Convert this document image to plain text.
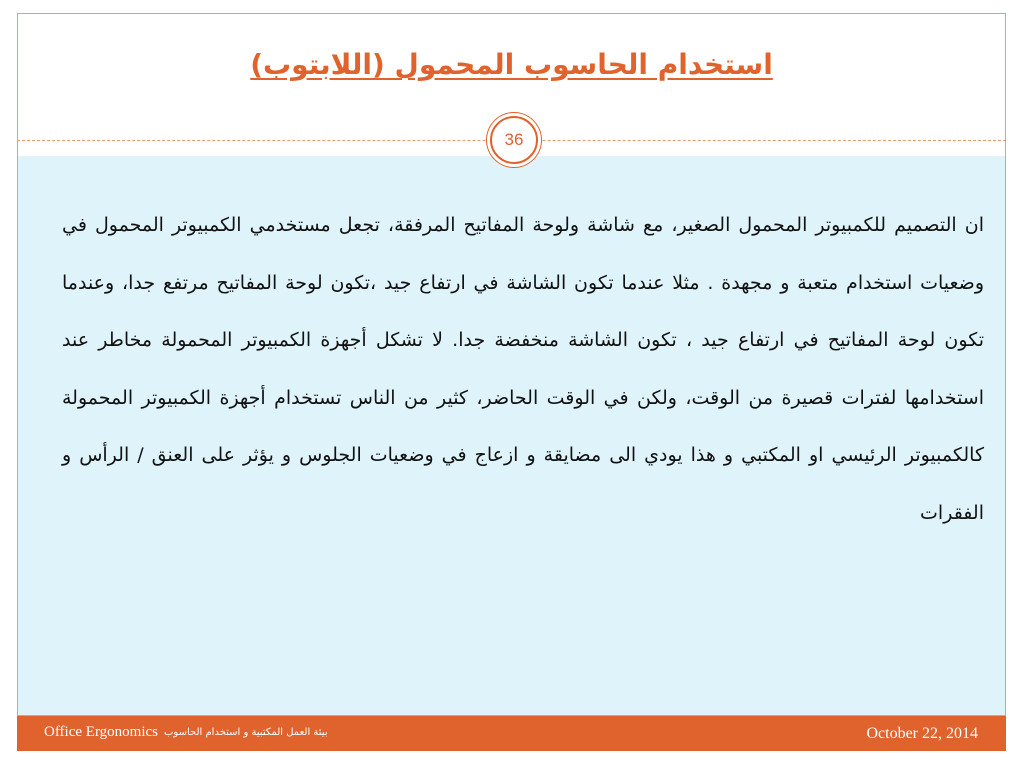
استخدام الحاسوب المحمول (اللابتوب)
36

ان التصميم للكمبيوتر المحمول الصغير، مع شاشة ولوحة المفاتيح المرفقة، تجعل مستخدمي الكمبيوتر المحمول في وضعيات استخدام متعبة و مجهدة . مثلا عندما تكون الشاشة في ارتفاع جيد ،تكون لوحة المفاتيح مرتفع جدا، وعندما تكون لوحة المفاتيح في ارتفاع جيد ، تكون الشاشة منخفضة جدا. لا تشكل أجهزة الكمبيوتر المحمولة مخاطر عند استخدامها لفترات قصيرة من الوقت، ولكن في الوقت الحاضر، كثير من الناس تستخدام أجهزة الكمبيوتر المحمولة كالكمبيوتر الرئيسي او المكتبي و هذا يودي الى مضايقة و ازعاج في وضعيات الجلوس و يؤثر على العنق / الرأس و الفقرات

Office Ergonomics بيئة العمل المكتبية و استخدام الحاسوب	October 22, 2014
